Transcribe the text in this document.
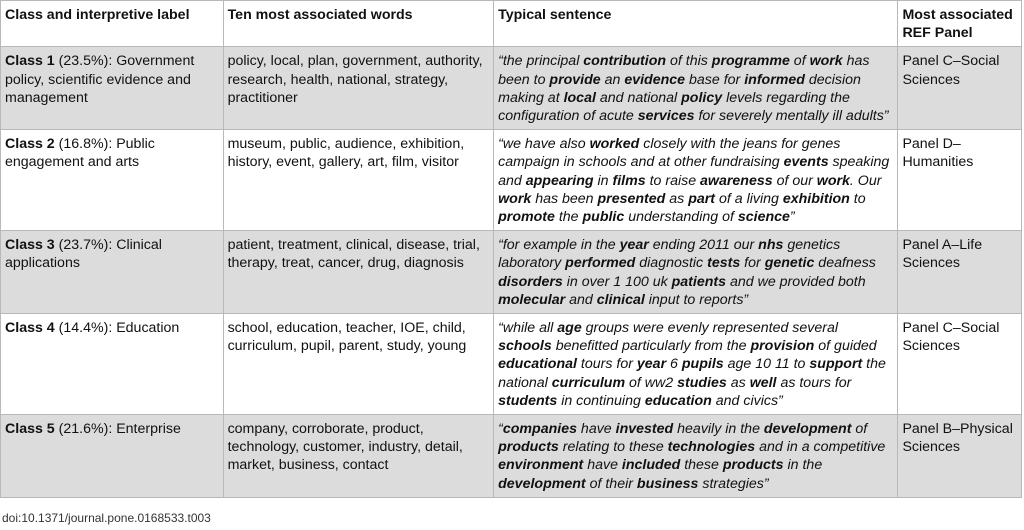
Class and interpretive label	Ten most associated words	Typical sentence	Most associated REF Panel
Class 1 (23.5%): Government policy, scientific evidence and management	policy, local, plan, government, authority, research, health, national, strategy, practitioner	“the principal contribution of this programme of work has been to provide an evidence base for informed decision making at local and national policy levels regarding the configuration of acute services for severely mentally ill adults”	Panel C–Social Sciences
Class 2 (16.8%): Public engagement and arts	museum, public, audience, exhibition, history, event, gallery, art, film, visitor	“we have also worked closely with the jeans for genes campaign in schools and at other fundraising events speaking and appearing in films to raise awareness of our work. Our work has been presented as part of a living exhibition to promote the public understanding of science”	Panel D–Humanities
Class 3 (23.7%): Clinical applications	patient, treatment, clinical, disease, trial, therapy, treat, cancer, drug, diagnosis	“for example in the year ending 2011 our nhs genetics laboratory performed diagnostic tests for genetic deafness disorders in over 1 100 uk patients and we provided both molecular and clinical input to reports”	Panel A–Life Sciences
Class 4 (14.4%): Education	school, education, teacher, IOE, child, curriculum, pupil, parent, study, young	“while all age groups were evenly represented several schools benefitted particularly from the provision of guided educational tours for year 6 pupils age 10 11 to support the national curriculum of ww2 studies as well as tours for students in continuing education and civics”	Panel C–Social Sciences
Class 5 (21.6%): Enterprise	company, corroborate, product, technology, customer, industry, detail, market, business, contact	“companies have invested heavily in the development of products relating to these technologies and in a competitive environment have included these products in the development of their business strategies”	Panel B–Physical Sciences
doi:10.1371/journal.pone.0168533.t003
